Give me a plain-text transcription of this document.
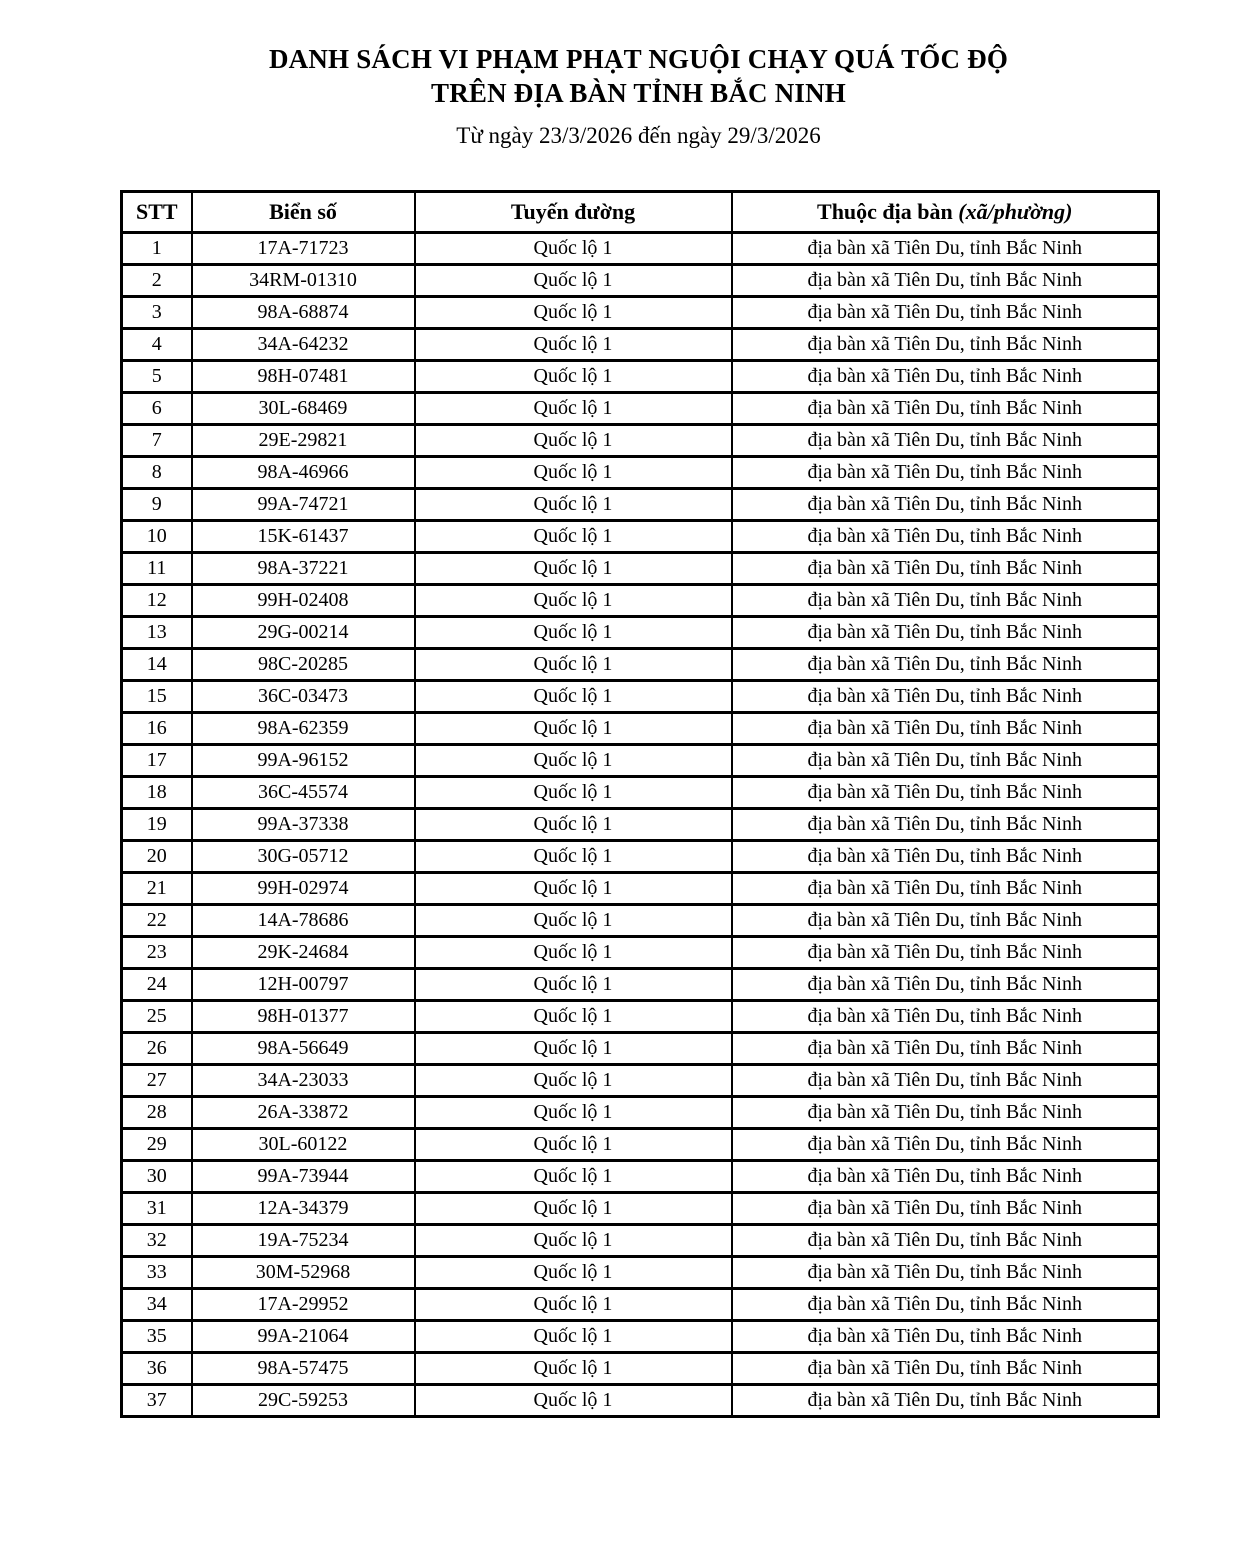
DANH SÁCH VI PHẠM PHẠT NGUỘI CHẠY QUÁ TỐC ĐỘ
TRÊN ĐỊA BÀN TỈNH BẮC NINH
Từ ngày 23/3/2026 đến ngày 29/3/2026
STT	Biển số	Tuyến đường	Thuộc địa bàn (xã/phường)
1	17A-71723	Quốc lộ 1	địa bàn xã Tiên Du, tỉnh Bắc Ninh
2	34RM-01310	Quốc lộ 1	địa bàn xã Tiên Du, tỉnh Bắc Ninh
3	98A-68874	Quốc lộ 1	địa bàn xã Tiên Du, tỉnh Bắc Ninh
4	34A-64232	Quốc lộ 1	địa bàn xã Tiên Du, tỉnh Bắc Ninh
5	98H-07481	Quốc lộ 1	địa bàn xã Tiên Du, tỉnh Bắc Ninh
6	30L-68469	Quốc lộ 1	địa bàn xã Tiên Du, tỉnh Bắc Ninh
7	29E-29821	Quốc lộ 1	địa bàn xã Tiên Du, tỉnh Bắc Ninh
8	98A-46966	Quốc lộ 1	địa bàn xã Tiên Du, tỉnh Bắc Ninh
9	99A-74721	Quốc lộ 1	địa bàn xã Tiên Du, tỉnh Bắc Ninh
10	15K-61437	Quốc lộ 1	địa bàn xã Tiên Du, tỉnh Bắc Ninh
11	98A-37221	Quốc lộ 1	địa bàn xã Tiên Du, tỉnh Bắc Ninh
12	99H-02408	Quốc lộ 1	địa bàn xã Tiên Du, tỉnh Bắc Ninh
13	29G-00214	Quốc lộ 1	địa bàn xã Tiên Du, tỉnh Bắc Ninh
14	98C-20285	Quốc lộ 1	địa bàn xã Tiên Du, tỉnh Bắc Ninh
15	36C-03473	Quốc lộ 1	địa bàn xã Tiên Du, tỉnh Bắc Ninh
16	98A-62359	Quốc lộ 1	địa bàn xã Tiên Du, tỉnh Bắc Ninh
17	99A-96152	Quốc lộ 1	địa bàn xã Tiên Du, tỉnh Bắc Ninh
18	36C-45574	Quốc lộ 1	địa bàn xã Tiên Du, tỉnh Bắc Ninh
19	99A-37338	Quốc lộ 1	địa bàn xã Tiên Du, tỉnh Bắc Ninh
20	30G-05712	Quốc lộ 1	địa bàn xã Tiên Du, tỉnh Bắc Ninh
21	99H-02974	Quốc lộ 1	địa bàn xã Tiên Du, tỉnh Bắc Ninh
22	14A-78686	Quốc lộ 1	địa bàn xã Tiên Du, tỉnh Bắc Ninh
23	29K-24684	Quốc lộ 1	địa bàn xã Tiên Du, tỉnh Bắc Ninh
24	12H-00797	Quốc lộ 1	địa bàn xã Tiên Du, tỉnh Bắc Ninh
25	98H-01377	Quốc lộ 1	địa bàn xã Tiên Du, tỉnh Bắc Ninh
26	98A-56649	Quốc lộ 1	địa bàn xã Tiên Du, tỉnh Bắc Ninh
27	34A-23033	Quốc lộ 1	địa bàn xã Tiên Du, tỉnh Bắc Ninh
28	26A-33872	Quốc lộ 1	địa bàn xã Tiên Du, tỉnh Bắc Ninh
29	30L-60122	Quốc lộ 1	địa bàn xã Tiên Du, tỉnh Bắc Ninh
30	99A-73944	Quốc lộ 1	địa bàn xã Tiên Du, tỉnh Bắc Ninh
31	12A-34379	Quốc lộ 1	địa bàn xã Tiên Du, tỉnh Bắc Ninh
32	19A-75234	Quốc lộ 1	địa bàn xã Tiên Du, tỉnh Bắc Ninh
33	30M-52968	Quốc lộ 1	địa bàn xã Tiên Du, tỉnh Bắc Ninh
34	17A-29952	Quốc lộ 1	địa bàn xã Tiên Du, tỉnh Bắc Ninh
35	99A-21064	Quốc lộ 1	địa bàn xã Tiên Du, tỉnh Bắc Ninh
36	98A-57475	Quốc lộ 1	địa bàn xã Tiên Du, tỉnh Bắc Ninh
37	29C-59253	Quốc lộ 1	địa bàn xã Tiên Du, tỉnh Bắc Ninh
